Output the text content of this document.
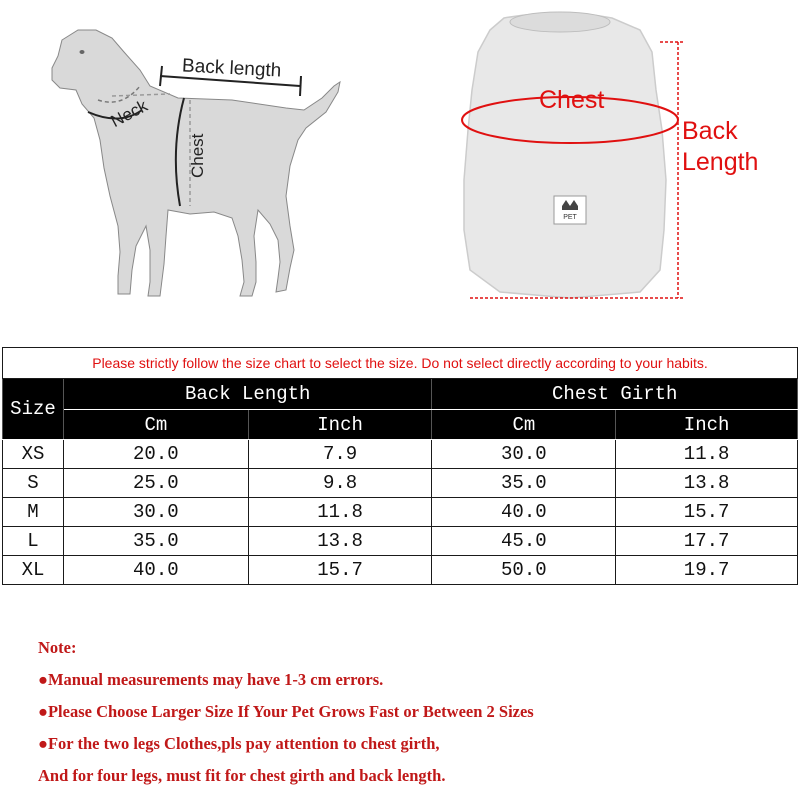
PET
Back length
Neck
Chest
Chest
Back Length
Please strictly follow the size chart to select the size. Do not select directly according to your habits.				
Size	Back Length		Chest Girth	
	Cm	Inch	Cm	Inch
XS	20.0	7.9	30.0	11.8
S	25.0	9.8	35.0	13.8
M	30.0	11.8	40.0	15.7
L	35.0	13.8	45.0	17.7
XL	40.0	15.7	50.0	19.7
Note:
●Manual measurements may have 1-3 cm errors.
●Please Choose Larger Size If Your Pet Grows Fast or Between 2 Sizes
●For the two legs Clothes,pls pay attention to chest girth,
And for four legs, must fit for chest girth and back length.
